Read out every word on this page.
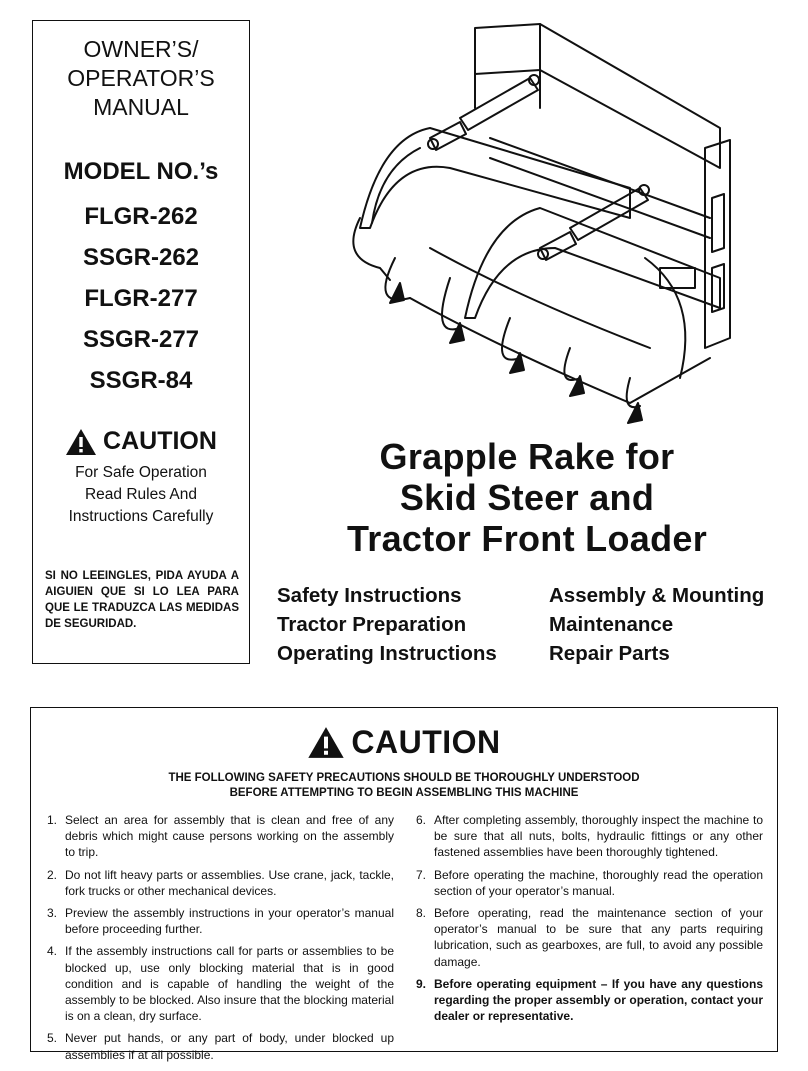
OWNER’S/
OPERATOR’S
MANUAL
MODEL NO.’s
FLGR-262
SSGR-262
FLGR-277
SSGR-277
SSGR-84
CAUTION
For Safe Operation
Read Rules And
Instructions Carefully
SI NO LEEINGLES, PIDA AYUDA A AIGUIEN QUE SI LO LEA PARA QUE LE TRADUZCA LAS MEDIDAS DE SEGURIDAD.
Grapple Rake for
Skid Steer and
Tractor Front Loader
Safety Instructions	Assembly & Mounting
Tractor Preparation	Maintenance
Operating Instructions	Repair Parts
CAUTION
THE FOLLOWING SAFETY PRECAUTIONS SHOULD BE THOROUGHLY UNDERSTOOD
BEFORE ATTEMPTING TO BEGIN ASSEMBLING THIS MACHINE
1. Select an area for assembly that is clean and free of any debris which might cause persons working on the assembly to trip.
2. Do not lift heavy parts or assemblies. Use crane, jack, tackle, fork trucks or other mechanical devices.
3. Preview the assembly instructions in your operator’s manual before proceeding further.
4. If the assembly instructions call for parts or assemblies to be blocked up, use only blocking material that is in good condition and is capable of handling the weight of the assembly to be blocked. Also insure that the blocking material is on a clean, dry surface.
5. Never put hands, or any part of body, under blocked up assemblies if at all possible.
6. After completing assembly, thoroughly inspect the machine to be sure that all nuts, bolts, hydraulic fittings or any other fastened assemblies have been thoroughly tightened.
7. Before operating the machine, thoroughly read the operation section of your operator’s manual.
8. Before operating, read the maintenance section of your operator’s manual to be sure that any parts requiring lubrication, such as gearboxes, are full, to avoid any possible damage.
9. Before operating equipment – If you have any questions regarding the proper assembly or operation, contact your dealer or representative.
